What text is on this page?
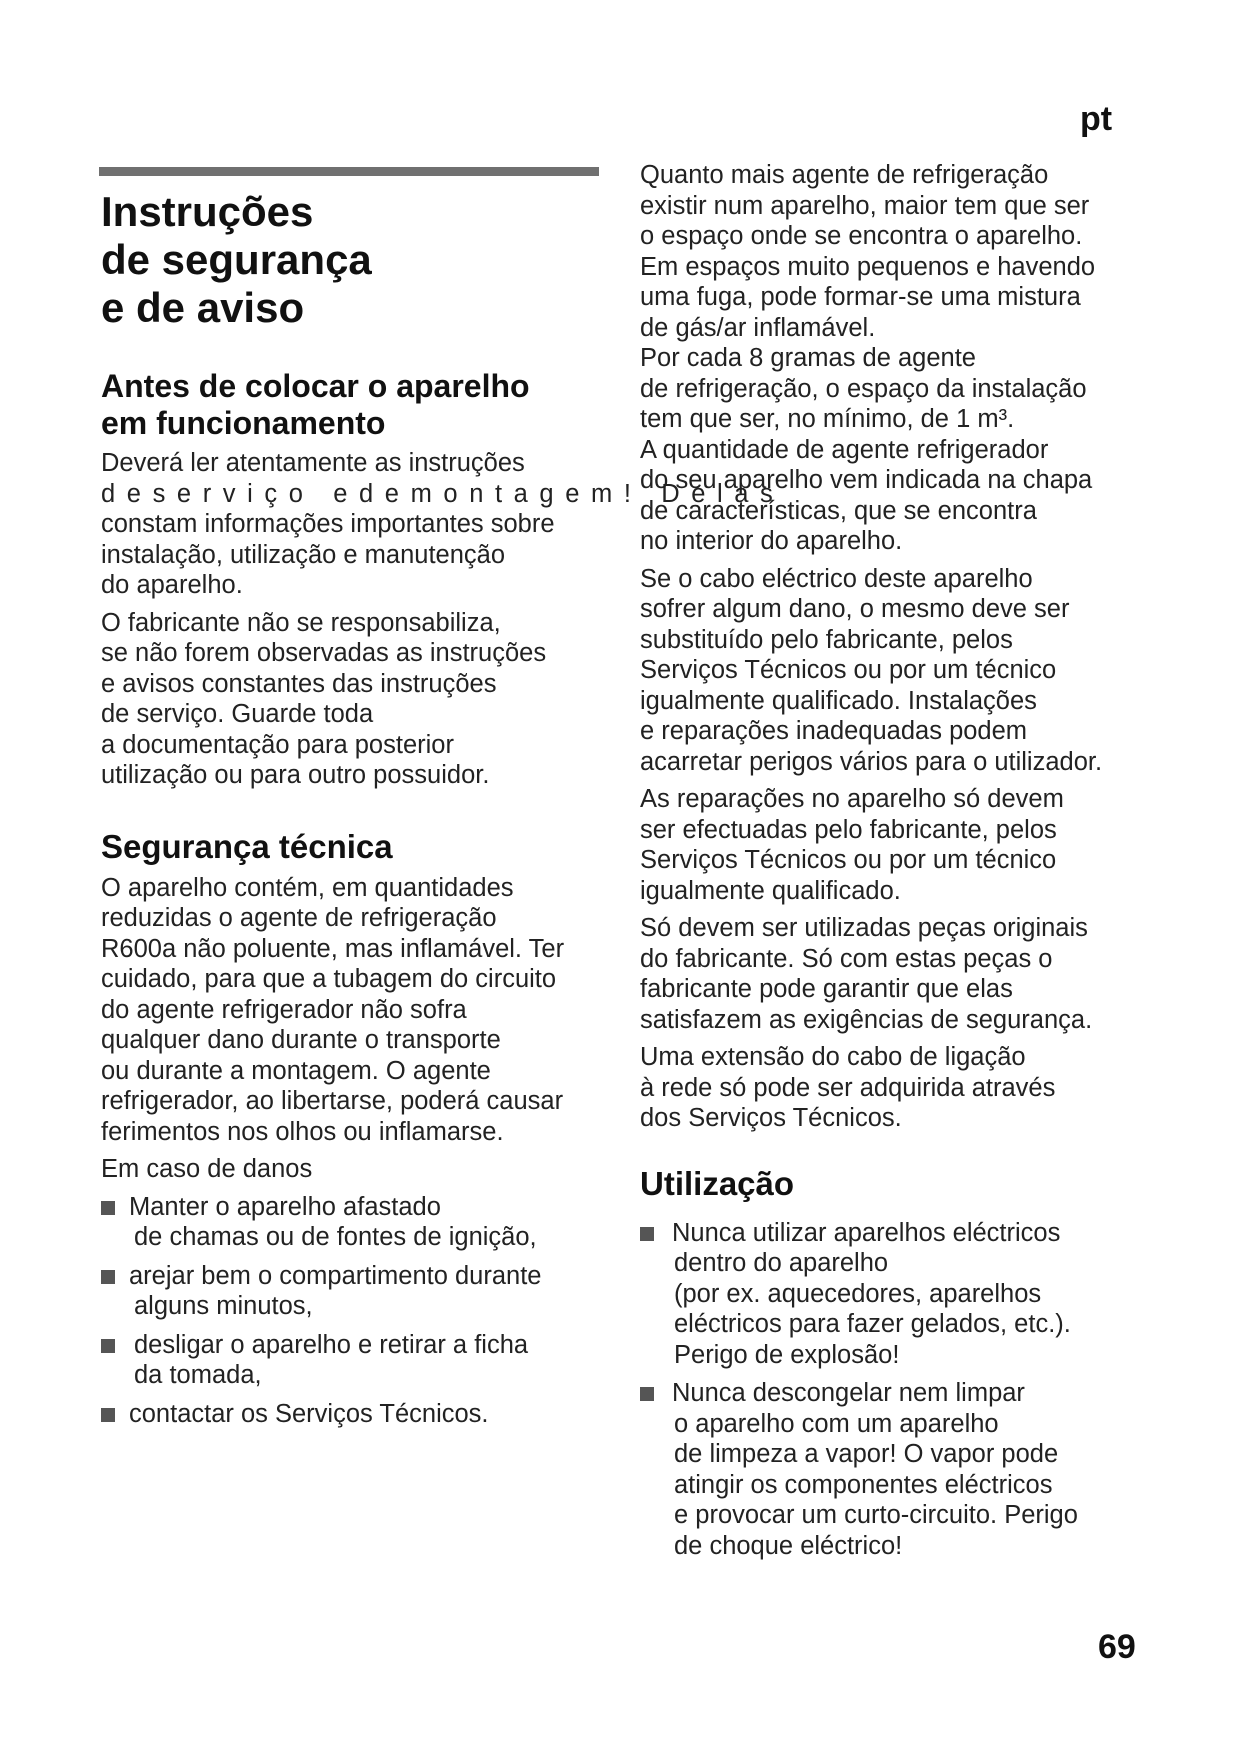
pt
Instruções
de segurança
e de aviso
Antes de colocar o aparelho
em funcionamento

Deverá ler atentamente as instruções
deserviço edemontagem! Delas
constam informações importantes sobre
instalação, utilização e manutenção
do aparelho.

O fabricante não se responsabiliza,
se não forem observadas as instruções
e avisos constantes das instruções
de serviço. Guarde toda
a documentação para posterior
utilização ou para outro possuidor.

Segurança técnica

O aparelho contém, em quantidades
reduzidas o agente de refrigeração
R600a não poluente, mas inflamável. Ter
cuidado, para que a tubagem do circuito
do agente refrigerador não sofra
qualquer dano durante o transporte
ou durante a montagem. O agente
refrigerador, ao libertarse, poderá causar
ferimentos nos olhos ou inflamarse.

Em caso de danos

Manter o aparelho afastado
de chamas ou de fontes de ignição,
arejar bem o compartimento durante
alguns minutos,
desligar o aparelho e retirar a ficha
da tomada,
contactar os Serviços Técnicos.

Quanto mais agente de refrigeração
existir num aparelho, maior tem que ser
o espaço onde se encontra o aparelho.
Em espaços muito pequenos e havendo
uma fuga, pode formar-se uma mistura
de gás/ar inflamável.
Por cada 8 gramas de agente
de refrigeração, o espaço da instalação
tem que ser, no mínimo, de 1 m³.
A quantidade de agente refrigerador
do seu aparelho vem indicada na chapa
de características, que se encontra
no interior do aparelho.

Se o cabo eléctrico deste aparelho
sofrer algum dano, o mesmo deve ser
substituído pelo fabricante, pelos
Serviços Técnicos ou por um técnico
igualmente qualificado. Instalações
e reparações inadequadas podem
acarretar perigos vários para o utilizador.

As reparações no aparelho só devem
ser efectuadas pelo fabricante, pelos
Serviços Técnicos ou por um técnico
igualmente qualificado.

Só devem ser utilizadas peças originais
do fabricante. Só com estas peças o
fabricante pode garantir que elas
satisfazem as exigências de segurança.

Uma extensão do cabo de ligação
à rede só pode ser adquirida através
dos Serviços Técnicos.

Utilização
Nunca utilizar aparelhos eléctricos
dentro do aparelho
(por ex. aquecedores, aparelhos
eléctricos para fazer gelados, etc.).
Perigo de explosão!
Nunca descongelar nem limpar
o aparelho com um aparelho
de limpeza a vapor! O vapor pode
atingir os componentes eléctricos
e provocar um curto-circuito. Perigo
de choque eléctrico!
69
